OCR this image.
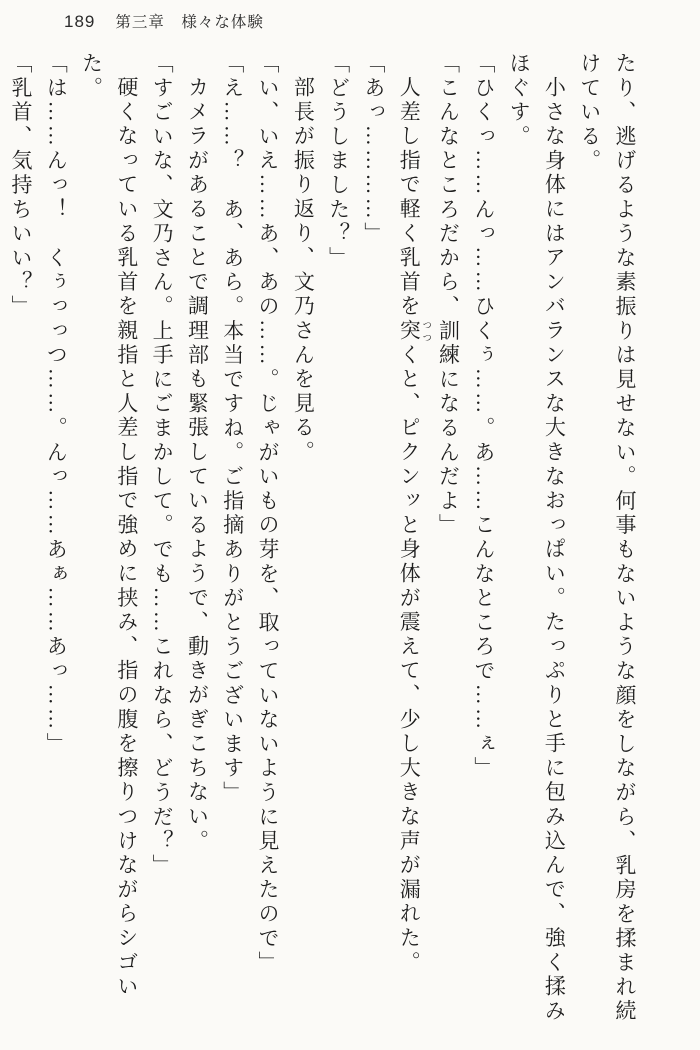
189 第三章　様々な体験

たり、逃げるような素振りは見せない。何事もないような顔をしながら、乳房を揉まれ続

けている。

小さな身体にはアンバランスな大きなおっぱい。たっぷりと手に包み込んで、強く揉み

ほぐす。

「ひくっ……んっ……ひくぅ……。あ……こんなところで……ぇ」

「こんなところだから、訓練になるんだよ」

人差し指で軽く乳首を突 つつくと、ピクンッと身体が震えて、少し大きな声が漏れた。

「あっ…………」

「どうしました？」

部長が振り返り、文乃さんを見る。

「い、いえ……あ、あの……。じゃがいもの芽を、取っていないように見えたので」

「え……？　あ、あら。本当ですね。ご指摘ありがとうございます」

カメラがあることで調理部も緊張しているようで、動きがぎこちない。

「すごいな、文乃さん。上手にごまかして。でも……これなら、どうだ？」

硬くなっている乳首を親指と人差し指で強めに挟み、指の腹を擦りつけながらシゴいた。

「は……んっ！　くぅっっつ……。んっ……あぁ……あっ……」

「乳首、気持ちいい？」
